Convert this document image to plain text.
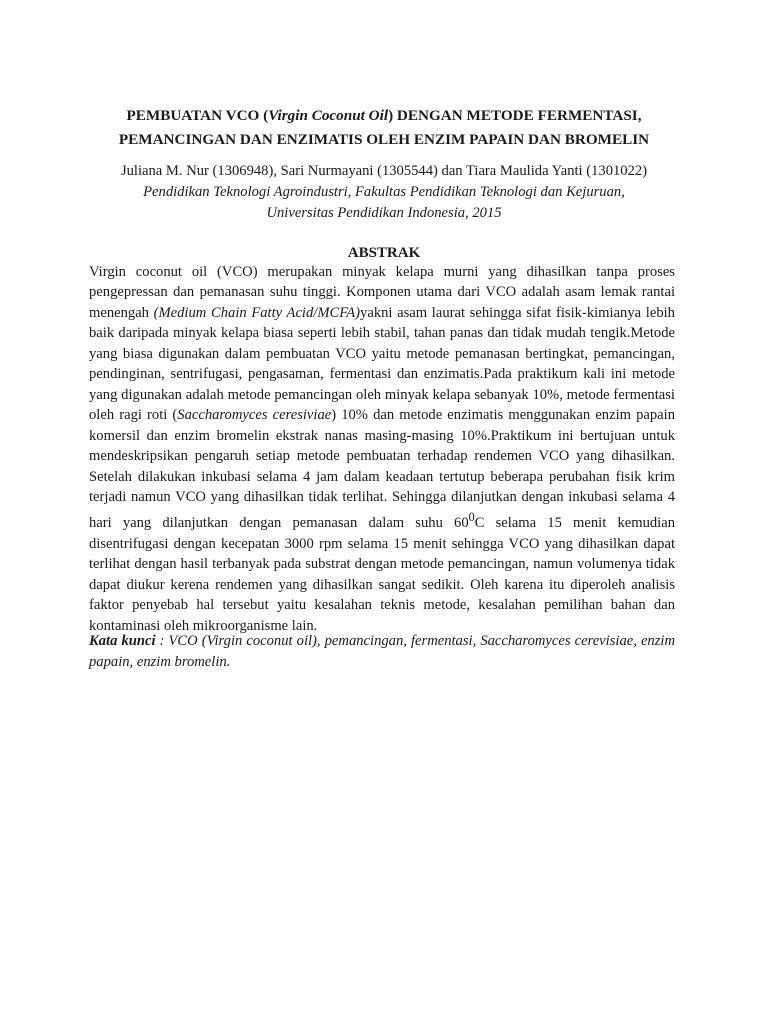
PEMBUATAN VCO (Virgin Coconut Oil) DENGAN METODE FERMENTASI,
PEMANCINGAN DAN ENZIMATIS OLEH ENZIM PAPAIN DAN BROMELIN
Juliana M. Nur (1306948), Sari Nurmayani (1305544) dan Tiara Maulida Yanti (1301022)
Pendidikan Teknologi Agroindustri, Fakultas Pendidikan Teknologi dan Kejuruan,
Universitas Pendidikan Indonesia, 2015
ABSTRAK

Virgin coconut oil (VCO) merupakan minyak kelapa murni yang dihasilkan tanpa proses pengepressan dan pemanasan suhu tinggi. Komponen utama dari VCO adalah asam lemak rantai menengah (Medium Chain Fatty Acid/MCFA)yakni asam laurat sehingga sifat fisik-kimianya lebih baik daripada minyak kelapa biasa seperti lebih stabil, tahan panas dan tidak mudah tengik.Metode yang biasa digunakan dalam pembuatan VCO yaitu metode pemanasan bertingkat, pemancingan, pendinginan, sentrifugasi, pengasaman, fermentasi dan enzimatis.Pada praktikum kali ini metode yang digunakan adalah metode pemancingan oleh minyak kelapa sebanyak 10%, metode fermentasi oleh ragi roti (Saccharomyces ceresiviae) 10% dan metode enzimatis menggunakan enzim papain komersil dan enzim bromelin ekstrak nanas masing-masing 10%.Praktikum ini bertujuan untuk mendeskripsikan pengaruh setiap metode pembuatan terhadap rendemen VCO yang dihasilkan. Setelah dilakukan inkubasi selama 4 jam dalam keadaan tertutup beberapa perubahan fisik krim terjadi namun VCO yang dihasilkan tidak terlihat. Sehingga dilanjutkan dengan inkubasi selama 4 hari yang dilanjutkan dengan pemanasan dalam suhu $60^0C$ selama 15 menit kemudian disentrifugasi dengan kecepatan 3000 rpm selama 15 menit sehingga VCO yang dihasilkan dapat terlihat dengan hasil terbanyak pada substrat dengan metode pemancingan, namun volumenya tidak dapat diukur kerena rendemen yang dihasilkan sangat sedikit. Oleh karena itu diperoleh analisis faktor penyebab hal tersebut yaitu kesalahan teknis metode, kesalahan pemilihan bahan dan kontaminasi oleh mikroorganisme lain.

Kata kunci : VCO (Virgin coconut oil), pemancingan, fermentasi, Saccharomyces cerevisiae, enzim papain, enzim bromelin.
